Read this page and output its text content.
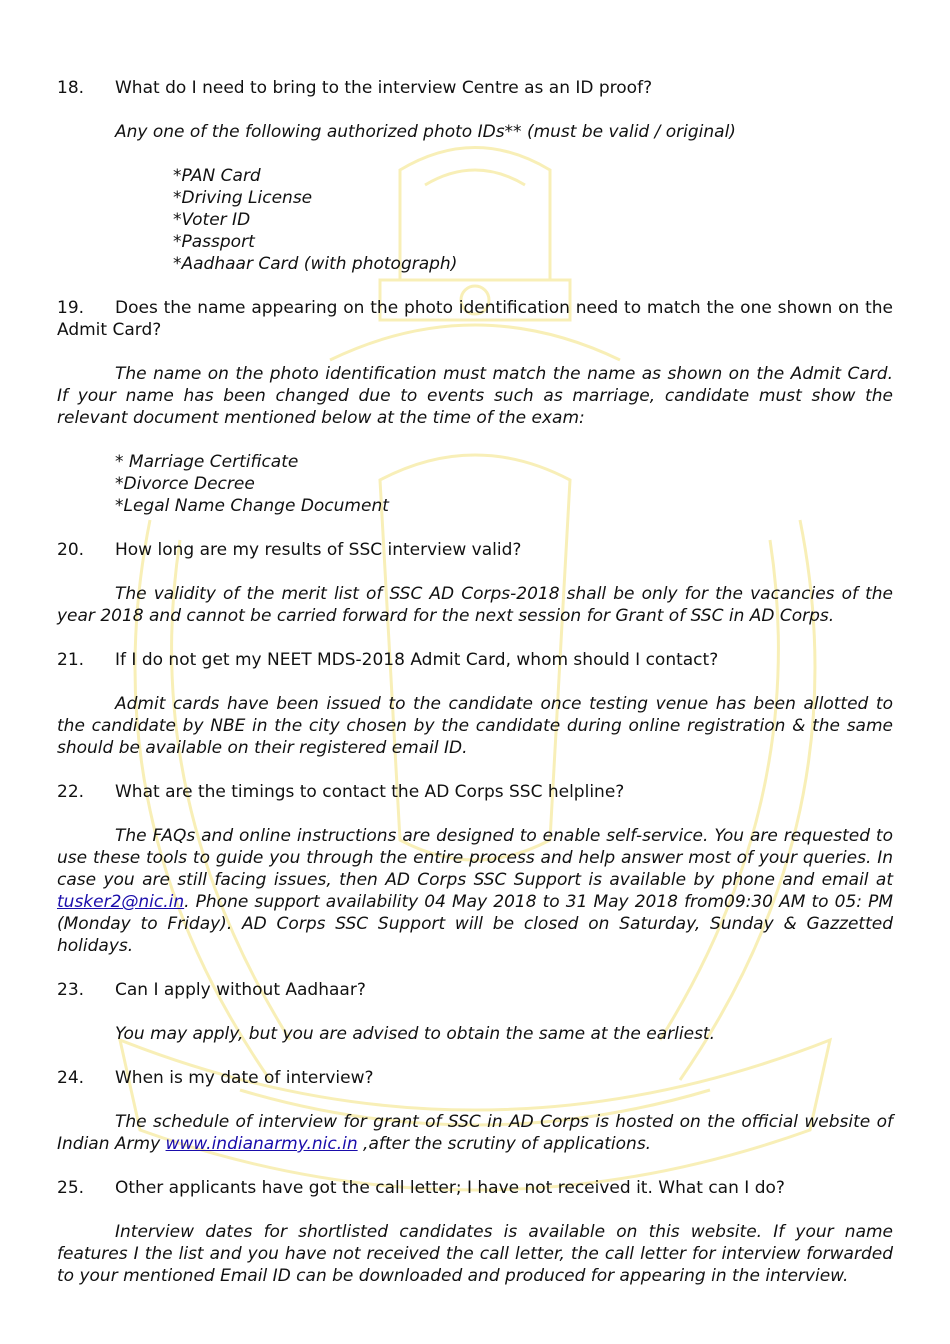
18.	What do I need to bring to the interview Centre as an ID proof?
Any one of the following authorized photo IDs** (must be valid / original)
*PAN Card
*Driving License
*Voter ID
*Passport
*Aadhaar Card (with photograph)
19. Does the name appearing on the photo identification need to match the one shown on the Admit Card?
The name on the photo identification must match the name as shown on the Admit Card. If your name has been changed due to events such as marriage, candidate must show the relevant document mentioned below at the time of the exam:
* Marriage Certificate
*Divorce Decree
*Legal Name Change Document
20.	How long are my results of SSC interview valid?
The validity of the merit list of SSC AD Corps-2018 shall be only for the vacancies of the year 2018 and cannot be carried forward for the next session for Grant of SSC in AD Corps.
21.	If I do not get my NEET MDS-2018 Admit Card, whom should I contact?
Admit cards have been issued to the candidate once testing venue has been allotted to the candidate by NBE in the city chosen by the candidate during online registration & the same should be available on their registered email ID.
22.	What are the timings to contact the AD Corps SSC helpline?
The FAQs and online instructions are designed to enable self-service. You are requested to use these tools to guide you through the entire process and help answer most of your queries. In case you are still facing issues, then AD Corps SSC Support is available by phone and email at tusker2@nic.in. Phone support availability 04 May 2018 to 31 May 2018 from09:30 AM to 05: PM (Monday to Friday). AD Corps SSC Support will be closed on Saturday, Sunday & Gazzetted holidays.
23.	Can I apply without Aadhaar?
You may apply, but you are advised to obtain the same at the earliest.
24.	When is my date of interview?
The schedule of interview for grant of SSC in AD Corps is hosted on the official website of Indian Army www.indianarmy.nic.in ,after the scrutiny of applications.
25.	Other applicants have got the call letter; I have not received it. What can I do?
Interview dates for shortlisted candidates is available on this website. If your name features I the list and you have not received the call letter, the call letter for interview forwarded to your mentioned Email ID can be downloaded and produced for appearing in the interview.
